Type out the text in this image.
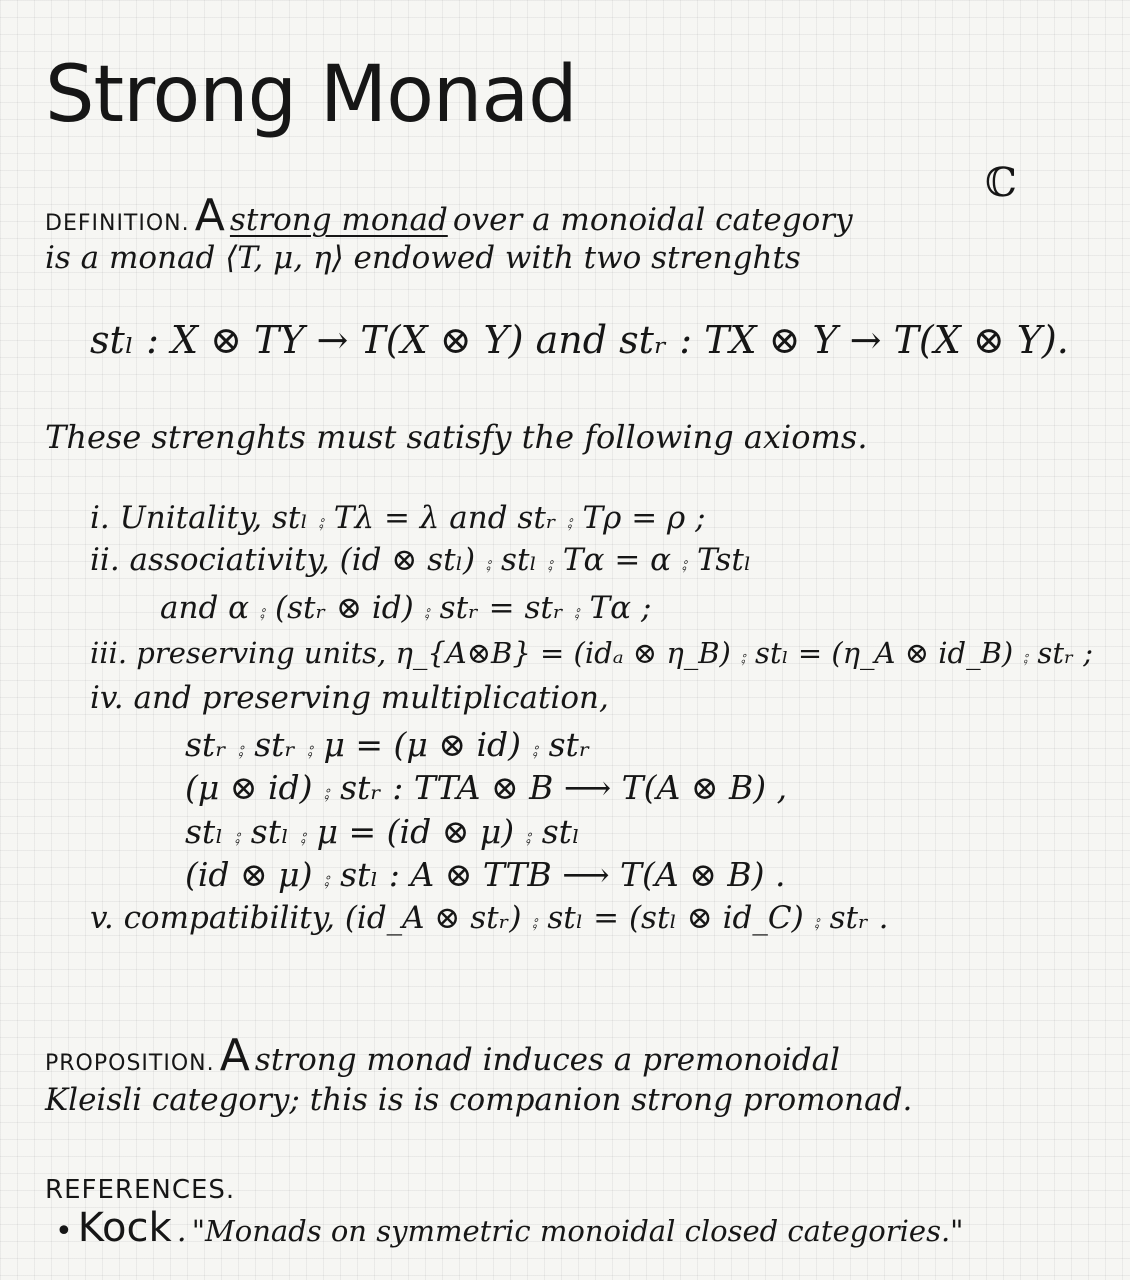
Strong Monad
DEFINITION. A strong monad over a monoidal category
ℂ
is a monad ⟨T, μ, η⟩ endowed with two strenghts
stₗ : X ⊗ TY → T(X ⊗ Y) and stᵣ : TX ⊗ Y → T(X ⊗ Y).
These strenghts must satisfy the following axioms.
i. Unitality, stₗ ⨾ Tλ = λ and stᵣ ⨾ Tρ = ρ ;
ii. associativity, (id ⊗ stₗ) ⨾ stₗ ⨾ Tα = α ⨾ Tstₗ
and α ⨾ (stᵣ ⊗ id) ⨾ stᵣ = stᵣ ⨾ Tα ;
iii. preserving units, η_{A⊗B} = (idₐ ⊗ η_B) ⨾ stₗ = (η_A ⊗ id_B) ⨾ stᵣ ;
iv. and preserving multiplication,
stᵣ ⨾ stᵣ ⨾ μ = (μ ⊗ id) ⨾ stᵣ
(μ ⊗ id) ⨾ stᵣ : TTA ⊗ B ⟶ T(A ⊗ B) ,
stₗ ⨾ stₗ ⨾ μ = (id ⊗ μ) ⨾ stₗ
(id ⊗ μ) ⨾ stₗ : A ⊗ TTB ⟶ T(A ⊗ B) .
v. compatibility, (id_A ⊗ stᵣ) ⨾ stₗ = (stₗ ⊗ id_C) ⨾ stᵣ .
PROPOSITION. A strong monad induces a premonoidal
Kleisli category; this is is companion strong promonad.
REFERENCES.
• Kock . "Monads on symmetric monoidal closed categories."
